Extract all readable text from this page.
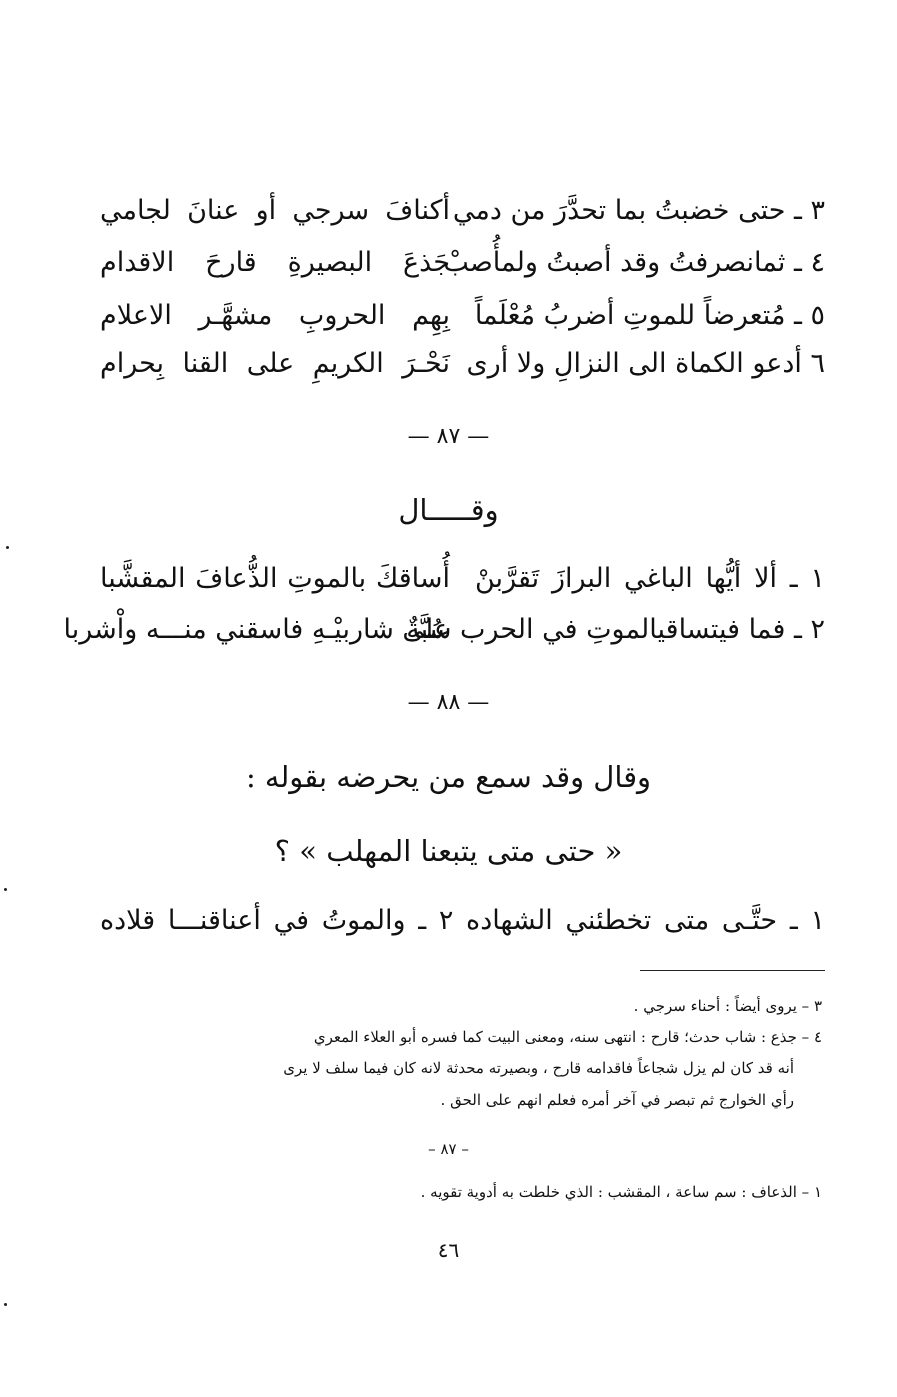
٣ ـ حتى خضبتُ بما تحدَّرَ من دمي
أكنافَ سرجي أو عنانَ لجامي
٤ ـ ثمانصرفتُ وقد أصبتُ ولمأُصبْ
جَذعَ البصيرةِ قارحَ الاقدام
٥ ـ مُتعرضاً للموتِ أضربُ مُعْلَماً
بِهِم الحروبِ مشهَّـر الاعلام
٦ أدعو الكماة الى النزالِ ولا أرى
نَحْـرَ الكريمِ على القنا بِحرام
— ٨٧ —
وقـــــال
١ ـ ألا أيُّها الباغي البرازَ تَقرَّبنْ
أُساقكَ بالموتِ الذُّعافَ المقشَّبا
٢ ـ فما فيتساقيالموتِ في الحرب سُبَّةٌ
على شاربيْـهِ فاسقني منـــه واْشربا
— ٨٨ —
وقال وقد سمع من يحرضه بقوله :
« حتى متى يتبعنا المهلب » ؟
١ ـ حتَّـى متى تخطئني الشهاده ٢ ـ والموتُ في أعناقنـــا قلاده
٣ – يروى أيضاً : أحناء سرجي .
٤ – جذع : شاب حدث؛ قارح : انتهى سنه، ومعنى البيت كما فسره أبو العلاء المعري
أنه قد كان لم يزل شجاعاً فاقدامه قارح ، وبصيرته محدثة لانه كان فيما سلف لا يرى
رأي الخوارج ثم تبصر في آخر أمره فعلم انهم على الحق .
– ٨٧ –
١ – الذعاف : سم ساعة ، المقشب : الذي خلطت به أدوية تقويه .
٤٦
